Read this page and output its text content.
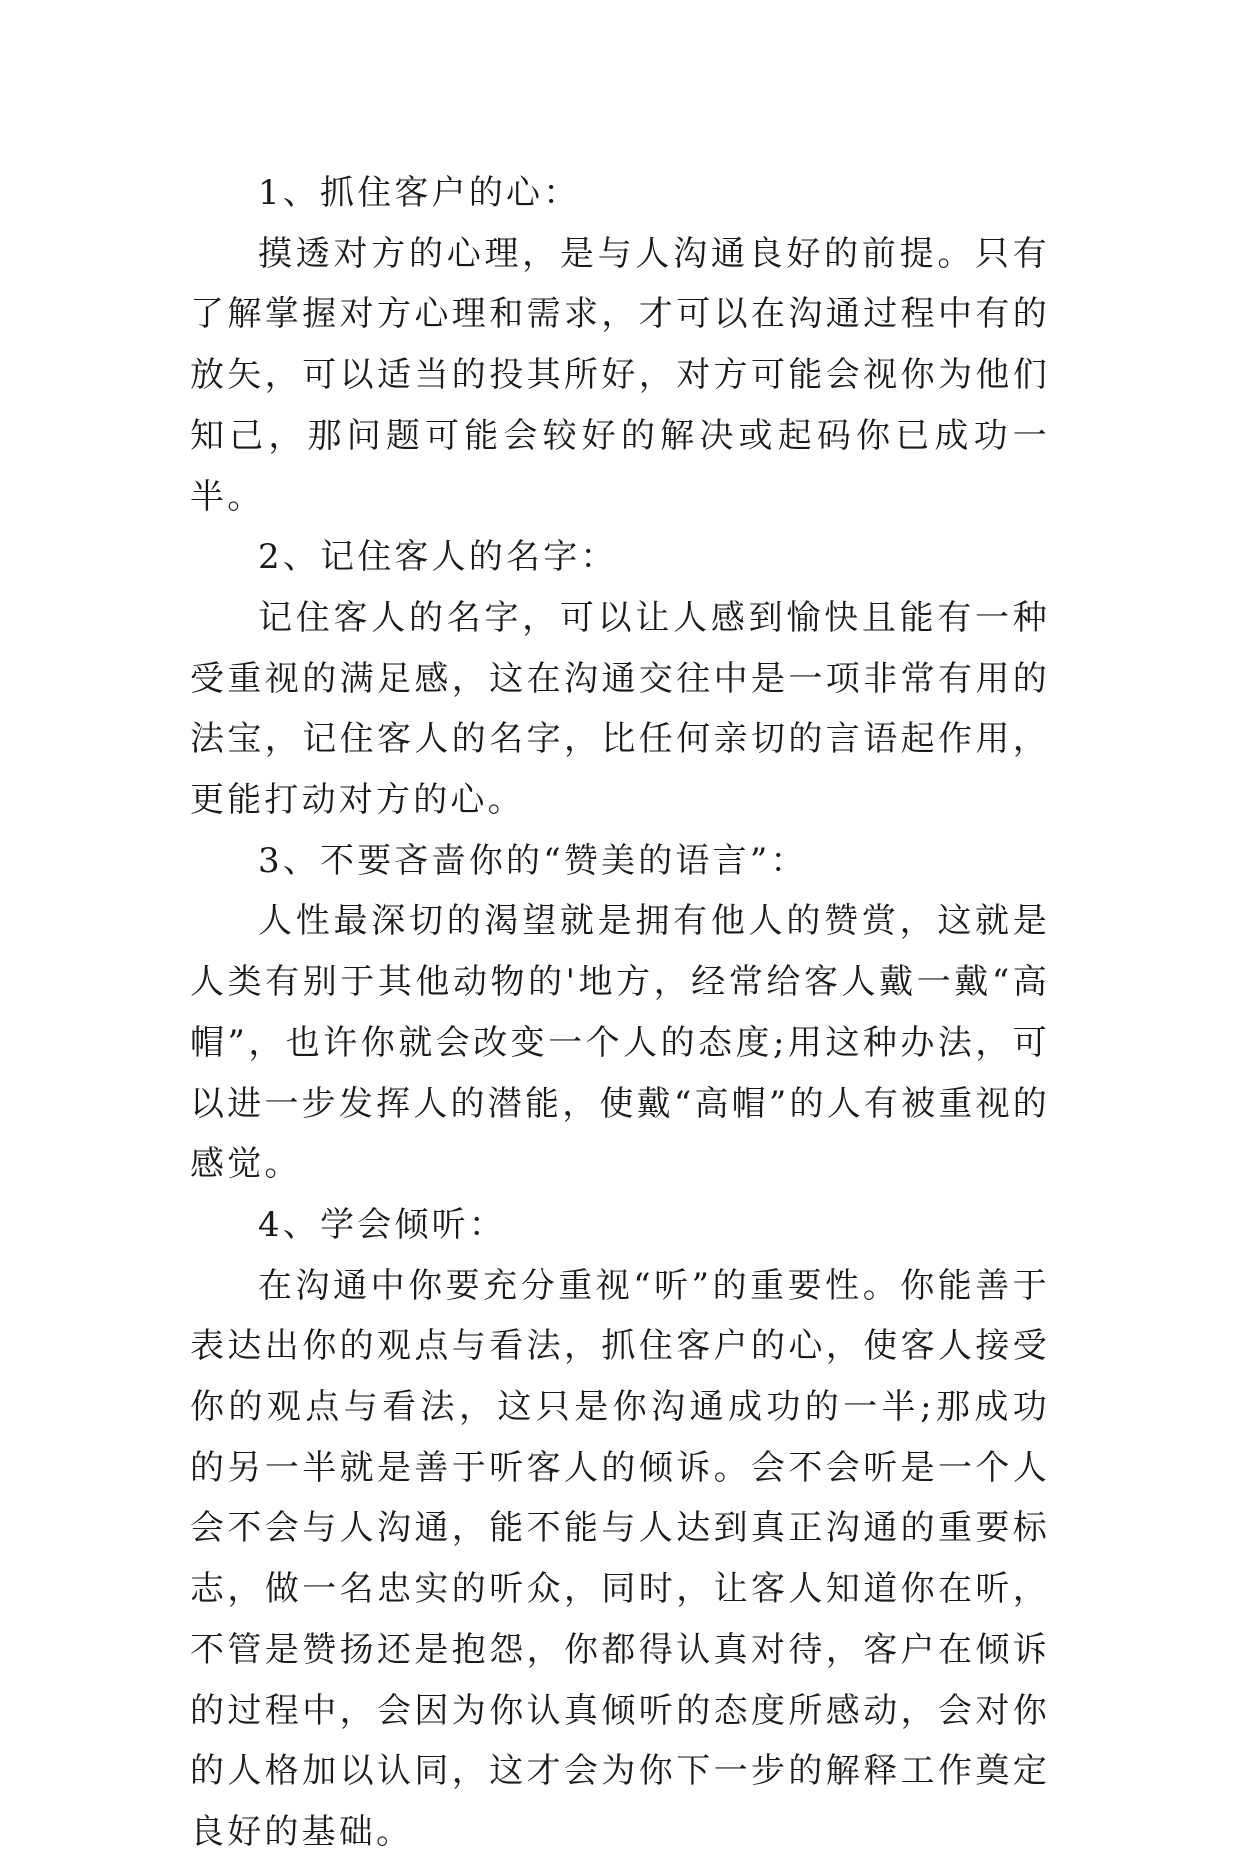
1、抓住客户的心：

摸透对方的心理，是与人沟通良好的前提。只有了解掌握对方心理和需求，才可以在沟通过程中有的放矢，可以适当的投其所好，对方可能会视你为他们知己，那问题可能会较好的解决或起码你已成功一半。

2、记住客人的名字：

记住客人的名字，可以让人感到愉快且能有一种受重视的满足感，这在沟通交往中是一项非常有用的法宝，记住客人的名字，比任何亲切的言语起作用，更能打动对方的心。

3、不要吝啬你的“赞美的语言”：

人性最深切的渴望就是拥有他人的赞赏，这就是人类有别于其他动物的'地方，经常给客人戴一戴“高帽”，也许你就会改变一个人的态度;用这种办法，可以进一步发挥人的潜能，使戴“高帽”的人有被重视的感觉。

4、学会倾听：

在沟通中你要充分重视“听”的重要性。你能善于表达出你的观点与看法，抓住客户的心，使客人接受你的观点与看法，这只是你沟通成功的一半;那成功的另一半就是善于听客人的倾诉。会不会听是一个人会不会与人沟通，能不能与人达到真正沟通的重要标志，做一名忠实的听众，同时，让客人知道你在听，不管是赞扬还是抱怨，你都得认真对待，客户在倾诉的过程中，会因为你认真倾听的态度所感动，会对你的人格加以认同，这才会为你下一步的解释工作奠定良好的基础。
